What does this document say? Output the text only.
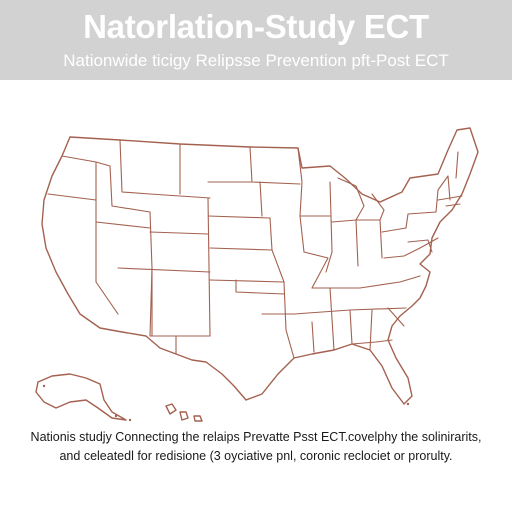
Natorlation-Study ECT
Nationwide ticigy Relipsse Prevention pft-Post ECT
Nationis studjy Connecting the relaips Prevatte Psst ECT.covelphy the solinirarits,
and celeatedl for redisione (3 oyciative pnl, coronic reclociet or prorulty.
